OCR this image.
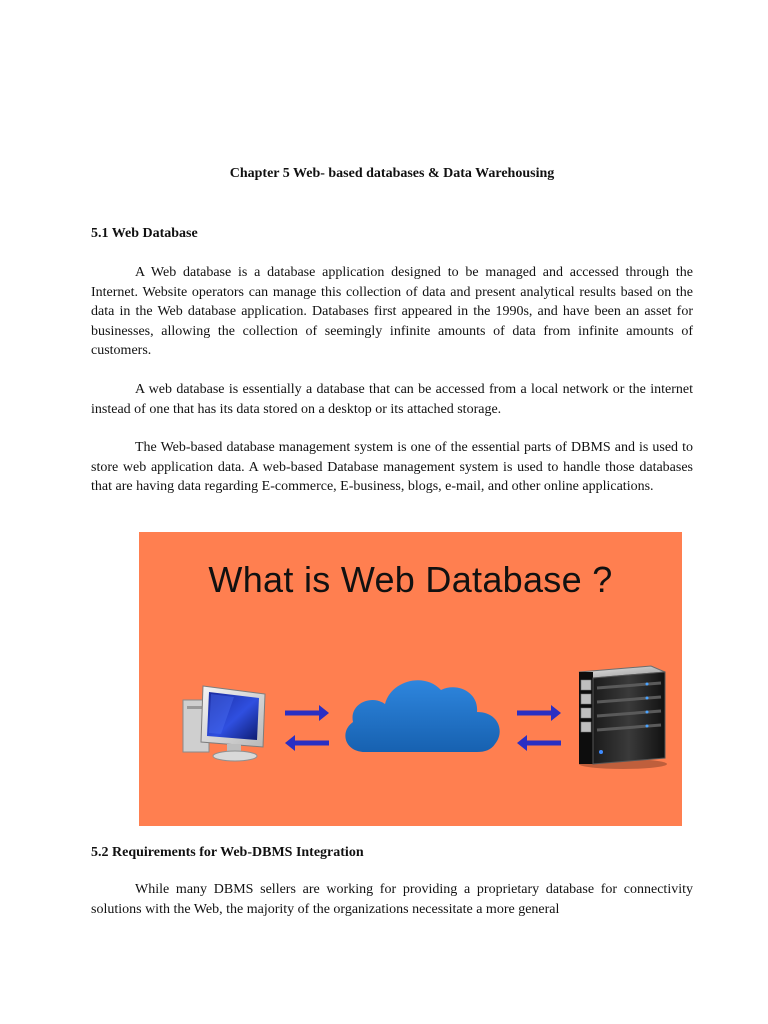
Chapter 5 Web- based databases & Data Warehousing
5.1 Web Database

A Web database is a database application designed to be managed and accessed through the Internet. Website operators can manage this collection of data and present analytical results based on the data in the Web database application. Databases first appeared in the 1990s, and have been an asset for businesses, allowing the collection of seemingly infinite amounts of data from infinite amounts of customers.

A web database is essentially a database that can be accessed from a local network or the internet instead of one that has its data stored on a desktop or its attached storage.

The Web-based database management system is one of the essential parts of DBMS and is used to store web application data. A web-based Database management system is used to handle those databases that are having data regarding E-commerce, E-business, blogs, e-mail, and other online applications.

What is Web Database ?
5.2 Requirements for Web-DBMS Integration

While many DBMS sellers are working for providing a proprietary database for connectivity solutions with the Web, the majority of the organizations necessitate a more general
